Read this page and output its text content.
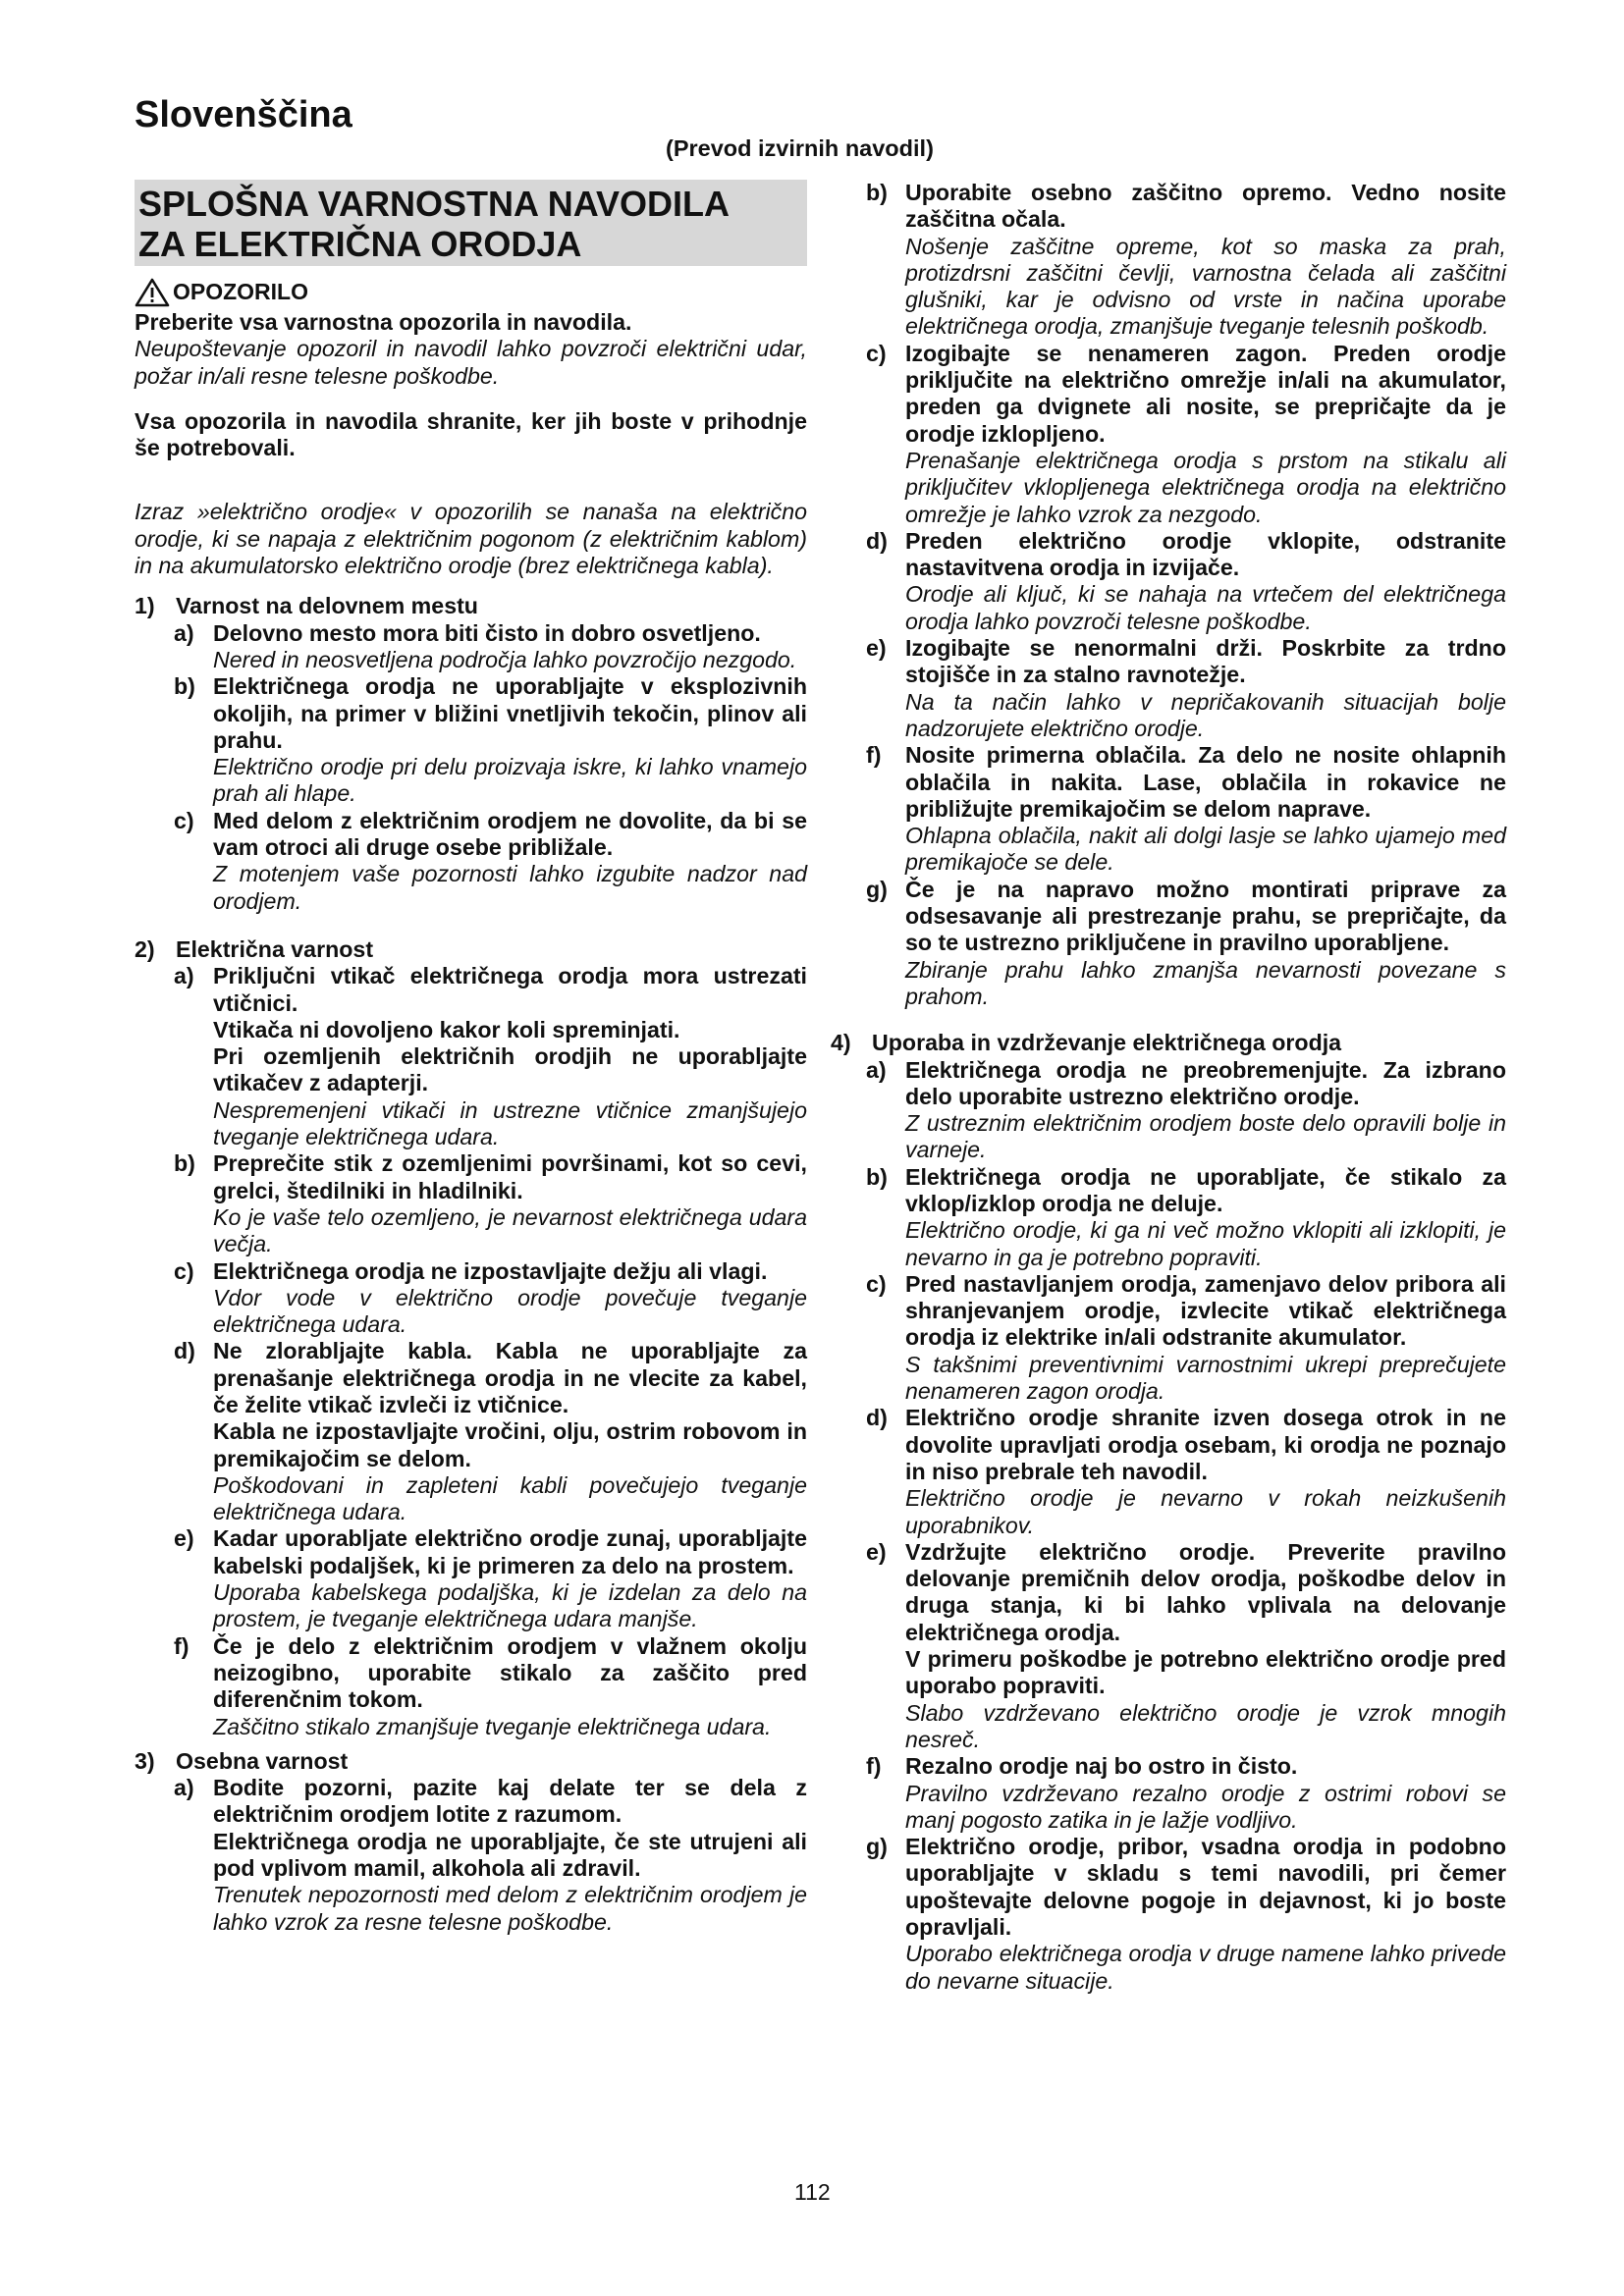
Slovenščina
(Prevod izvirnih navodil)
SPLOŠNA VARNOSTNA NAVODILA
ZA ELEKTRIČNA ORODJA
OPOZORILO

Preberite vsa varnostna opozorila in navodila.

Neupoštevanje opozoril in navodil lahko povzroči električni udar, požar in/ali resne telesne poškodbe.

Vsa opozorila in navodila shranite, ker jih boste v prihodnje še potrebovali.

Izraz »električno orodje« v opozorilih se nanaša na električno orodje, ki se napaja z električnim pogonom (z električnim kablom) in na akumulatorsko električno orodje (brez električnega kabla).

1) Varnost na delovnem mestu
a) Delovno mesto mora biti čisto in dobro osvetljeno.

Nered in neosvetljena področja lahko povzročijo nezgodo.

b) Električnega orodja ne uporabljajte v eksplozivnih okoljih, na primer v bližini vnetljivih tekočin, plinov ali prahu.

Električno orodje pri delu proizvaja iskre, ki lahko vnamejo prah ali hlape.

c) Med delom z električnim orodjem ne dovolite, da bi se vam otroci ali druge osebe približale.

Z motenjem vaše pozornosti lahko izgubite nadzor nad orodjem.

2) Električna varnost
a) Priključni vtikač električnega orodja mora ustrezati vtičnici.

Vtikača ni dovoljeno kakor koli spreminjati.

Pri ozemljenih električnih orodjih ne uporabljajte vtikačev z adapterji.

Nespremenjeni vtikači in ustrezne vtičnice zmanjšujejo tveganje električnega udara.

b) Preprečite stik z ozemljenimi površinami, kot so cevi, grelci, štedilniki in hladilniki.

Ko je vaše telo ozemljeno, je nevarnost električnega udara večja.

c) Električnega orodja ne izpostavljajte dežju ali vlagi.

Vdor vode v električno orodje povečuje tveganje električnega udara.

d) Ne zlorabljajte kabla. Kabla ne uporabljajte za prenašanje električnega orodja in ne vlecite za kabel, če želite vtikač izvleči iz vtičnice.

Kabla ne izpostavljajte vročini, olju, ostrim robovom in premikajočim se delom.

Poškodovani in zapleteni kabli povečujejo tveganje električnega udara.

e) Kadar uporabljate električno orodje zunaj, uporabljajte kabelski podaljšek, ki je primeren za delo na prostem.

Uporaba kabelskega podaljška, ki je izdelan za delo na prostem, je tveganje električnega udara manjše.

f)	Če je delo z električnim orodjem v vlažnem okolju neizogibno, uporabite stikalo za zaščito pred diferenčnim tokom.

Zaščitno stikalo zmanjšuje tveganje električnega udara.

3) Osebna varnost
a) Bodite pozorni, pazite kaj delate ter se dela z električnim orodjem lotite z razumom.

Električnega orodja ne uporabljajte, če ste utrujeni ali pod vplivom mamil, alkohola ali zdravil.

Trenutek nepozornosti med delom z električnim orodjem je lahko vzrok za resne telesne poškodbe.

b) Uporabite osebno zaščitno opremo. Vedno nosite zaščitna očala.

Nošenje zaščitne opreme, kot so maska za prah, protizdrsni zaščitni čevlji, varnostna čelada ali zaščitni glušniki, kar je odvisno od vrste in načina uporabe električnega orodja, zmanjšuje tveganje telesnih poškodb.

c) Izogibajte se nenameren zagon. Preden orodje priključite na električno omrežje in/ali na akumulator, preden ga dvignete ali nosite, se prepričajte da je orodje izklopljeno.

Prenašanje električnega orodja s prstom na stikalu ali priključitev vklopljenega električnega orodja na električno omrežje je lahko vzrok za nezgodo.

d) Preden električno orodje vklopite, odstranite nastavitvena orodja in izvijače.

Orodje ali ključ, ki se nahaja na vrtečem del električnega orodja lahko povzroči telesne poškodbe.

e) Izogibajte se nenormalni drži. Poskrbite za trdno stojišče in za stalno ravnotežje.

Na ta način lahko v nepričakovanih situacijah bolje nadzorujete električno orodje.

f)	Nosite primerna oblačila. Za delo ne nosite ohlapnih oblačila in nakita. Lase, oblačila in rokavice ne približujte premikajočim se delom naprave.

Ohlapna oblačila, nakit ali dolgi lasje se lahko ujamejo med premikajoče se dele.

g) Če je na napravo možno montirati priprave za odsesavanje ali prestrezanje prahu, se prepričajte, da so te ustrezno priključene in pravilno uporabljene.

Zbiranje prahu lahko zmanjša nevarnosti povezane s prahom.

4) Uporaba in vzdrževanje električnega orodja
a) Električnega orodja ne preobremenjujte. Za izbrano delo uporabite ustrezno električno orodje.

Z ustreznim električnim orodjem boste delo opravili bolje in varneje.

b) Električnega orodja ne uporabljate, če stikalo za vklop/izklop orodja ne deluje.

Električno orodje, ki ga ni več možno vklopiti ali izklopiti, je nevarno in ga je potrebno popraviti.

c) Pred nastavljanjem orodja, zamenjavo delov pribora ali shranjevanjem orodje, izvlecite vtikač električnega orodja iz elektrike in/ali odstranite akumulator.

S takšnimi preventivnimi varnostnimi ukrepi preprečujete nenameren zagon orodja.

d) Električno orodje shranite izven dosega otrok in ne dovolite upravljati orodja osebam, ki orodja ne poznajo in niso prebrale teh navodil.

Električno orodje je nevarno v rokah neizkušenih uporabnikov.

e) Vzdržujte električno orodje. Preverite pravilno delovanje premičnih delov orodja, poškodbe delov in druga stanja, ki bi lahko vplivala na delovanje električnega orodja.

V primeru poškodbe je potrebno električno orodje pred uporabo popraviti.

Slabo vzdrževano električno orodje je vzrok mnogih nesreč.

f)	Rezalno orodje naj bo ostro in čisto.

Pravilno vzdrževano rezalno orodje z ostrimi robovi se manj pogosto zatika in je lažje vodljivo.

g) Električno orodje, pribor, vsadna orodja in podobno uporabljajte v skladu s temi navodili, pri čemer upoštevajte delovne pogoje in dejavnost, ki jo boste opravljali.

Uporabo električnega orodja v druge namene lahko privede do nevarne situacije.

112
